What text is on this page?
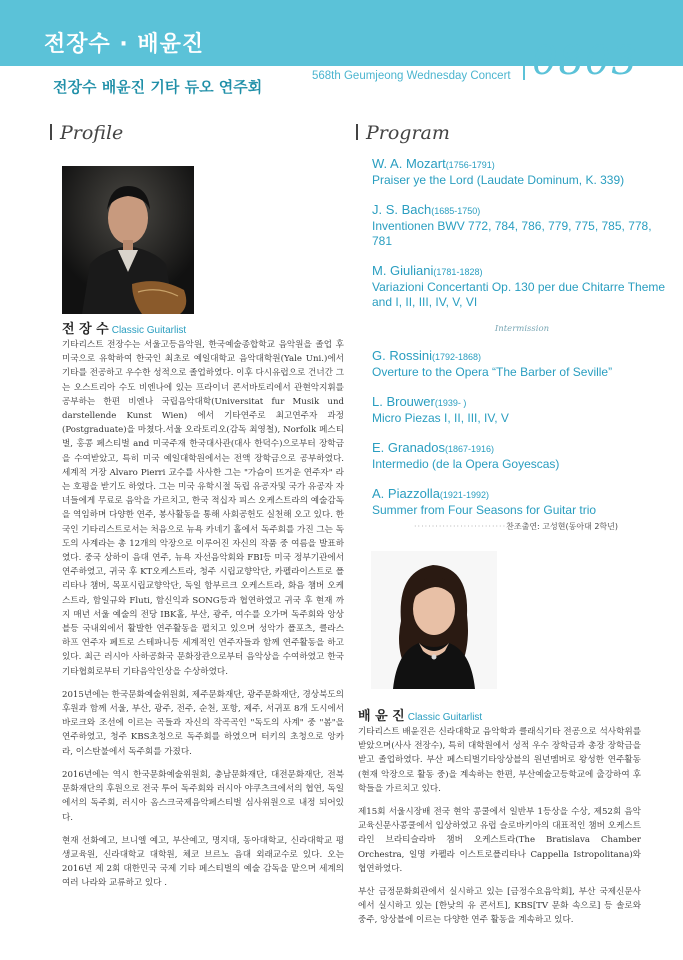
전장수 · 배윤진
전장수 배윤진 기타 듀오 연주회
568th Geumjeong Wednesday Concert 0803
Profile	Program
전 장 수 Classic Guitarlist

기타리스트 전장수는 서울고등음악원, 한국예술종합학교 음악원을 졸업 후 미국으로 유학하여 한국인 최초로 예일대학교 음악대학원(Yale Uni.)에서 기타를 전공하고 우수한 성적으로 졸업하였다. 이후 다시유럽으로 건너간 그는 오스트리아 수도 비엔나에 있는 프라이너 콘서바토리에서 관현악지휘를 공부하는 한편 비엔나 국립음악대학(Universitat fur Musik und darstellende Kunst Wien) 에서 기타연주로 최고연주자 과정(Postgraduate)을 마쳤다.서울 오라토리오(감독 최영철), Norfolk 페스티벌, 홍콩 페스티벌 and 미국주재 한국대사관(대사 한덕수)으로부터 장학금을 수여받았고, 특히 미국 예일대학원에서는 전액 장학금으로 공부하였다. 세계적 거장 Alvaro Pierri 교수를 사사한 그는 "가슴이 뜨거운 연주자" 라는 호평을 받기도 하였다. 그는 미국 유학시절 독립 유공자및 국가 유공자 자녀들에게 무료로 음악을 가르치고, 한국 적십자 피스 오케스트라의 예술감독을 역임하며 다양한 연주, 봉사활동을 통해 사회공헌도 실천해 오고 있다. 한국인 기타리스트로서는 처음으로 뉴욕 카네기 홀에서 독주회를 가진 그는 독도의 사계라는 총 12개의 악장으로 이루어진 자신의 작품 중 여름을 발표하였다. 중국 상하이 음대 연주, 뉴욕 자선음악회와 FBI등 미국 정부기관에서 연주하였고, 귀국 후 KT오케스트라, 청주 시립교향악단, 카펠라이스트로 폴리타나 챔버, 목포시립교향악단, 독일 함부르크 오케스트라, 화음 챔버 오케스트라, 함일규와 Fluti, 함신익과 SONG등과 협연하였고 귀국 후 현재 까지 매년 서울 예술의 전당 IBK홀, 부산, 광주, 여수를 오가며 독주회와 앙상블등 국내외에서 활발한 연주활동을 펼치고 있으며 성악가 폴포츠, 클라스 하프 연주자 페트로 스테파니등 세계적인 연주자들과 함께 연주활동을 하고 있다. 최근 러시아 사하공화국 문화장관으로부터 음악상을 수여하였고 한국기타협회로부터 기타음악인상을 수상하였다.

2015년에는 한국문화예술위원회, 제주문화재단, 광주문화재단, 경상북도의 후원과 함께 서울, 부산, 광주, 전주, 순천, 포항, 제주, 서귀포 8개 도시에서 바로크와 조선에 이르는 곡들과 자신의 작곡곡인 "독도의 사계" 중 "봄"을 연주하였고, 청주 KBS초청으로 독주회를 하였으며 터키의 초청으로 앙카라, 이스탄불에서 독주회를 가졌다.

2016년에는 역시 한국문화예술위원회, 충남문화재단, 대전문화재단, 전북문화재단의 후원으로 전국 투어 독주회와 러시아 야쿠츠크에서의 협연, 독일에서의 독주회, 러시아 옴스크국제음악페스티벌 심사위원으로 내정 되어있다.

현재 선화예고, 브니엘 예고, 부산예고, 명지대, 동아대학교, 신라대학교 평생교육원, 신라대학교 대학원, 체코 브르노 음대 외래교수로 있다. 오는 2016년 제 2회 대한민국 국제 기타 페스티벌의 예술 감독을 맡으며 세계의 여러 나라와 교류하고 있다 .

W. A. Mozart(1756-1791)
Praiser ye the Lord (Laudate Dominum, K. 339)
J. S. Bach(1685-1750)
Inventionen BWV 772, 784, 786, 779, 775, 785, 778, 781
M. Giuliani(1781-1828)
Variazioni Concertanti Op. 130 per due Chitarre Theme and I, II, III, IV, V, VI
Intermission
G. Rossini(1792-1868)
Overture to the Opera “The Barber of Seville”
L. Brouwer(1939- )
Micro Piezas I, II, III, IV, V
E. Granados(1867-1916)
Intermedio (de la Opera Goyescas)
A. Piazzolla(1921-1992)
Summer from Four Seasons for Guitar trio
··························찬조출연: 고성현(동아대 2학년)
배 윤 진 Classic Guitarlist

기타리스트 배윤진은 신라대학교 음악학과 클래식기타 전공으로 석사학위를 받았으며(사사 전장수), 특히 대학원에서 성적 우수 장학금과 총장 장학금을 받고 졸업하였다. 부산 페스티벌기타앙상블의 원년멤버로 왕성한 연주활동(현재 악장으로 활동 중)을 계속하는 한편, 부산예술고등학교에 출강하여 후학들을 가르치고 있다.

제15회 서울시장배 전국 현악 콩쿨에서 일반부 1등상을 수상, 제52회 음악교육신문사콩쿨에서 입상하였고 유럽 슬로바키아의 대표적인 챔버 오케스트라인 브라티슬라바 챔버 오케스트라(The Bratislava Chamber Orchestra, 일명 카펠라 이스트로폴리타나 Cappella Istropolitana)와 협연하였다.

부산 금정문화회관에서 실시하고 있는 [금정수요음악회], 부산 국제신문사에서 실시하고 있는 [한낮의 유 콘서트], KBS[TV 문화 속으로] 등 솔로와 중주, 앙상블에 이르는 다양한 연주 활동을 계속하고 있다.
